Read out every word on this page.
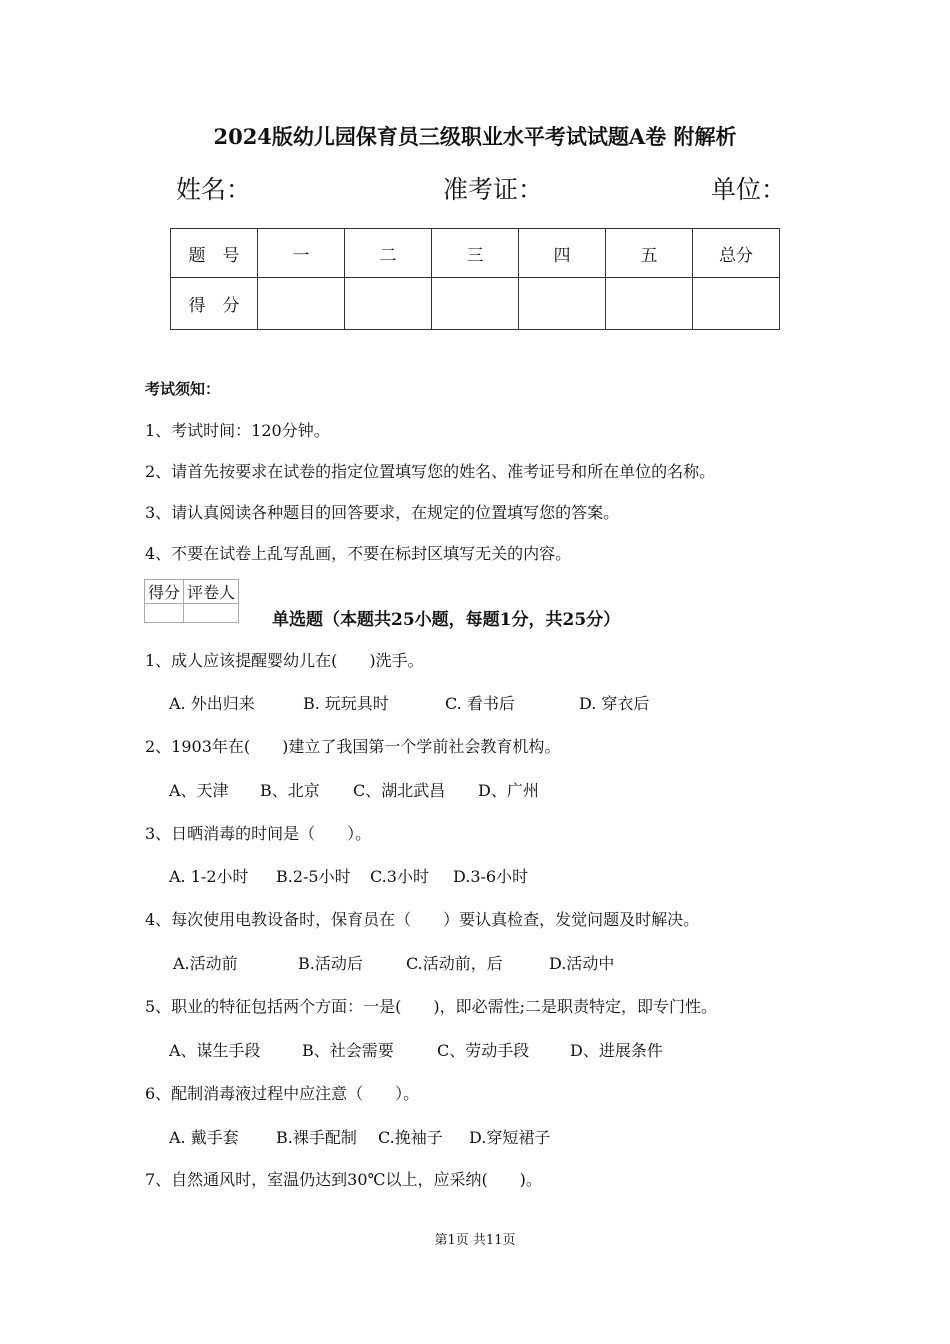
2024版幼儿园保育员三级职业水平考试试题A卷 附解析
姓名：	准考证：	单位：
题　号	一	二	三	四	五	总分
得　分						
考试须知：
1、考试时间：120分钟。
2、请首先按要求在试卷的指定位置填写您的姓名、准考证号和所在单位的名称。
3、请认真阅读各种题目的回答要求，在规定的位置填写您的答案。
4、不要在试卷上乱写乱画，不要在标封区填写无关的内容。
得分	评卷人

单选题（本题共25小题，每题1分，共25分）
1、成人应该提醒婴幼儿在(　　)洗手。
A. 外出归来	B. 玩玩具时	C. 看书后	D. 穿衣后
2、1903年在(　　)建立了我国第一个学前社会教育机构。
A、天津 B、北京 C、湖北武昌 D、广州
3、日晒消毒的时间是（　　）。
A. 1-2小时 B.2-5小时 C.3小时 D.3-6小时
4、每次使用电教设备时，保育员在（　　）要认真检查，发觉问题及时解决。
A.活动前	B.活动后	C.活动前，后	D.活动中
5、职业的特征包括两个方面：一是(　　)，即必需性;二是职责特定，即专门性。
A、谋生手段	B、社会需要	C、劳动手段	D、进展条件
6、配制消毒液过程中应注意（　　）。
A. 戴手套 B.裸手配制 C.挽袖子 D.穿短裙子
7、自然通风时，室温仍达到30℃以上，应采纳(　　)。
第1页 共11页
